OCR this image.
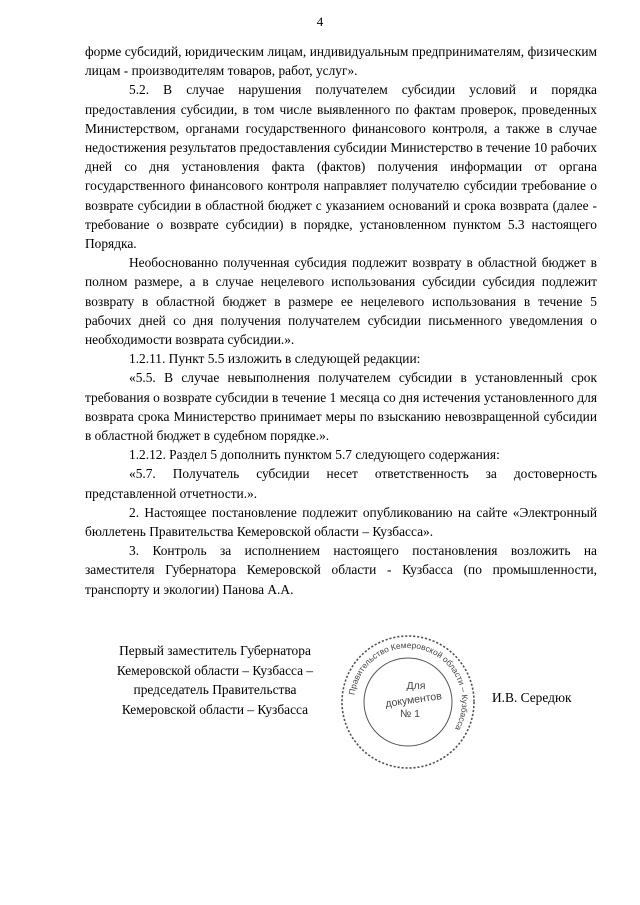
4

форме субсидий, юридическим лицам, индивидуальным предпринимателям, физическим лицам - производителям товаров, работ, услуг».

5.2. В случае нарушения получателем субсидии условий и порядка предоставления субсидии, в том числе выявленного по фактам проверок, проведенных Министерством, органами государственного финансового контроля, а также в случае недостижения результатов предоставления субсидии Министерство в течение 10 рабочих дней со дня установления факта (фактов) получения информации от органа государственного финансового контроля направляет получателю субсидии требование о возврате субсидии в областной бюджет с указанием оснований и срока возврата (далее - требование о возврате субсидии) в порядке, установленном пунктом 5.3 настоящего Порядка.

Необоснованно полученная субсидия подлежит возврату в областной бюджет в полном размере, а в случае нецелевого использования субсидии субсидия подлежит возврату в областной бюджет в размере ее нецелевого использования в течение 5 рабочих дней со дня получения получателем субсидии письменного уведомления о необходимости возврата субсидии.».

1.2.11. Пункт 5.5 изложить в следующей редакции:

«5.5. В случае невыполнения получателем субсидии в установленный срок требования о возврате субсидии в течение 1 месяца со дня истечения установленного для возврата срока Министерство принимает меры по взысканию невозвращенной субсидии в областной бюджет в судебном порядке.».

1.2.12. Раздел 5 дополнить пунктом 5.7 следующего содержания:

«5.7. Получатель субсидии несет ответственность за достоверность представленной отчетности.».

2. Настоящее постановление подлежит опубликованию на сайте «Электронный бюллетень Правительства Кемеровской области – Кузбасса».

3. Контроль за исполнением настоящего постановления возложить на заместителя Губернатора Кемеровской области - Кузбасса (по промышленности, транспорту и экологии) Панова А.А.

Первый заместитель Губернатора
Кемеровской области – Кузбасса –
председатель Правительства
Кемеровской области – Кузбасса
Правительство Кемеровской области – Кузбасса
Для
документов
№ 1
И.В. Середюк
